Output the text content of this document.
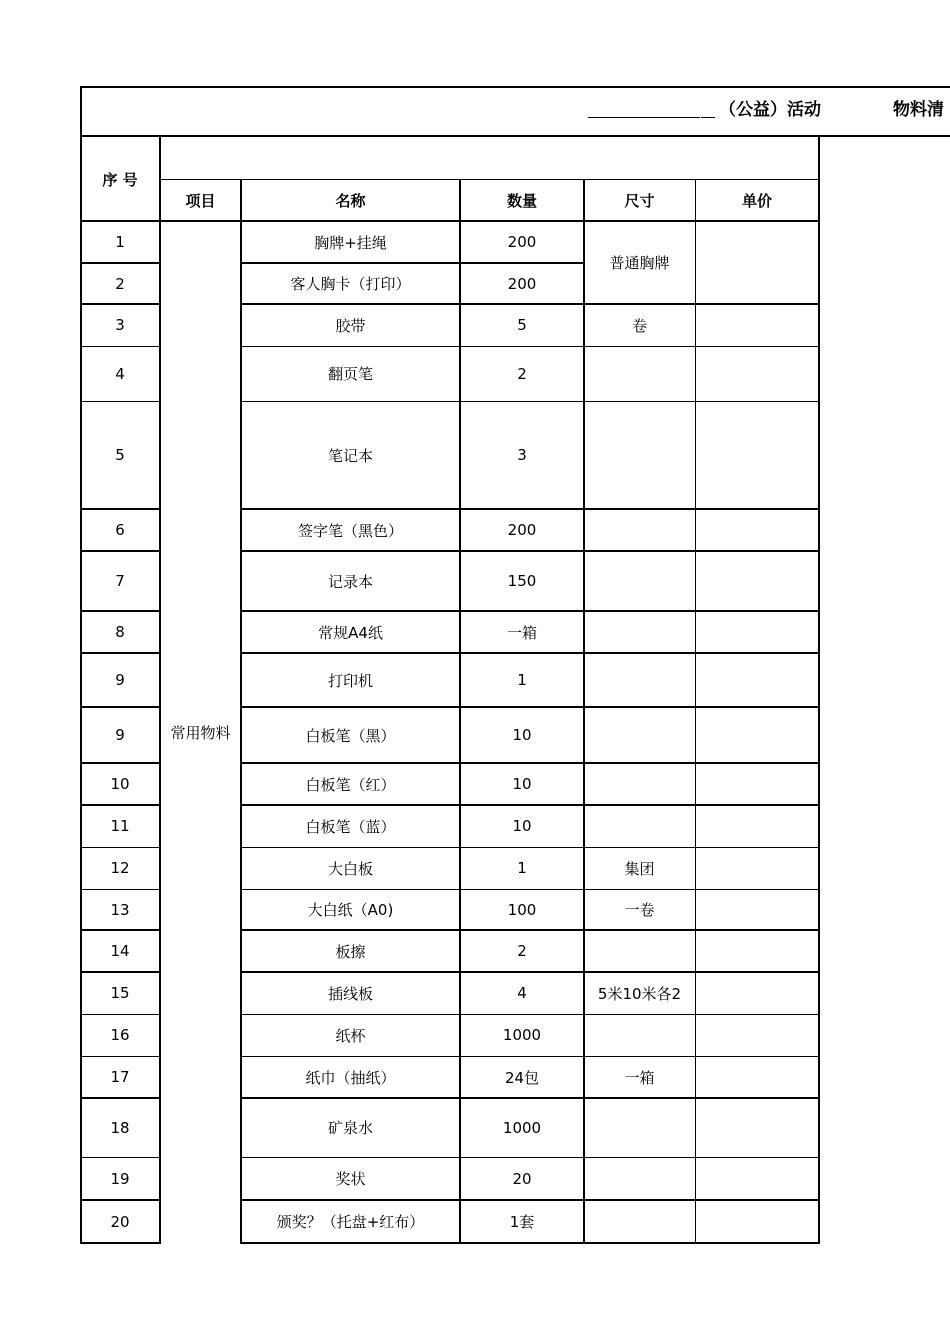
（公益）活动	物料清
序 号
项目	名称	数量	尺寸	单价
常用物料
普通胸牌
1	胸牌+挂绳	200
2	客人胸卡（打印）	200
3	胶带	5	卷
4	翻页笔	2
5	笔记本	3
6	签字笔（黑色）	200
7	记录本	150
8	常规A4纸	一箱
9	打印机	1
9	白板笔（黑）	10
10	白板笔（红）	10
11	白板笔（蓝）	10
12	大白板	1	集团
13	大白纸（A0)	100	一卷
14	板擦	2
15	插线板	4	5米10米各2
16	纸杯	1000
17	纸巾（抽纸）	24包	一箱
18	矿泉水	1000
19	奖状	20
20	颁奖？（托盘+红布）	1套
